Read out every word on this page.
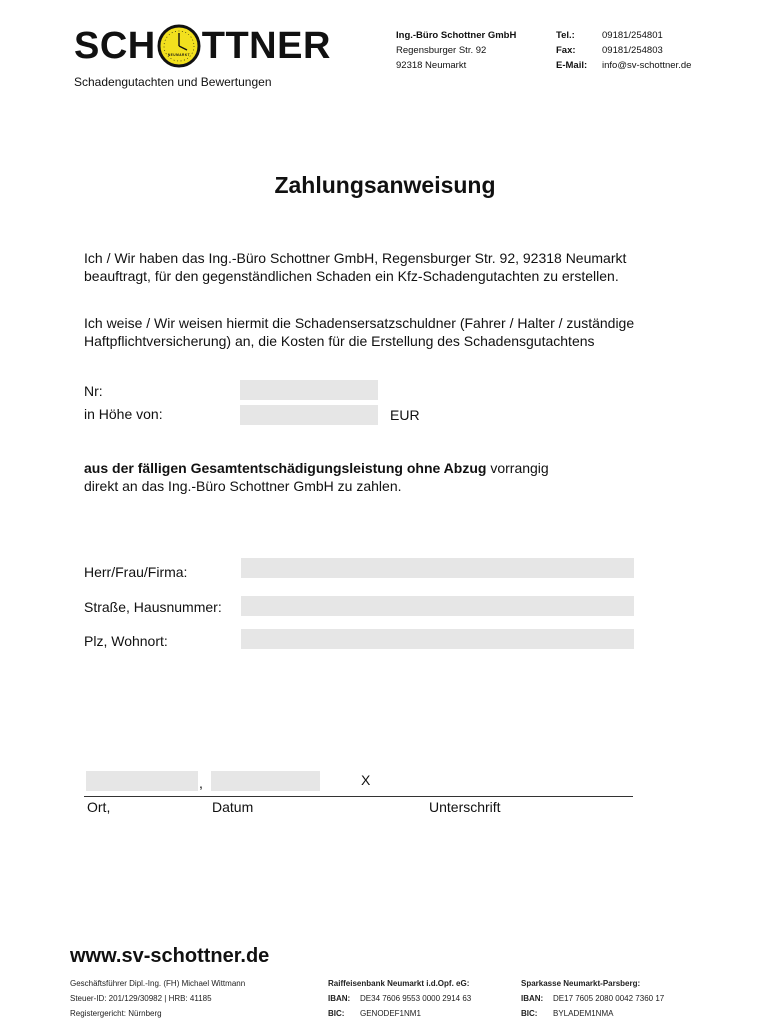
SCH	NEUMARKT TTNER
Schadengutachten und Bewertungen
Ing.-Büro Schottner GmbH
Regensburger Str. 92
92318 Neumarkt
Tel.:	09181/254801
Fax:	09181/254803
E-Mail:	info@sv-schottner.de
Zahlungsanweisung
Ich / Wir haben das Ing.-Büro Schottner GmbH, Regensburger Str. 92, 92318 Neumarkt
beauftragt, für den gegenständlichen Schaden ein Kfz-Schadengutachten zu erstellen.
Ich weise / Wir weisen hiermit die Schadensersatzschuldner (Fahrer / Halter / zuständige
Haftpflichtversicherung) an, die Kosten für die Erstellung des Schadensgutachtens
Nr:
in Höhe von:	EUR
aus der fälligen Gesamtentschädigungsleistung ohne Abzug vorrangig
direkt an das Ing.-Büro Schottner GmbH zu zahlen.
Herr/Frau/Firma:
Straße, Hausnummer:
Plz, Wohnort:
,	X
Ort,	Datum	Unterschrift
www.sv-schottner.de
Geschäftsführer Dipl.-Ing. (FH) Michael Wittmann
Steuer-ID: 201/129/30982 | HRB: 41185
Registergericht: Nürnberg
Raiffeisenbank Neumarkt i.d.Opf. eG:
IBAN:	DE34 7606 9553 0000 2914 63
BIC:	GENODEF1NM1
Sparkasse Neumarkt-Parsberg:
IBAN:	DE17 7605 2080 0042 7360 17
BIC:	BYLADEM1NMA
